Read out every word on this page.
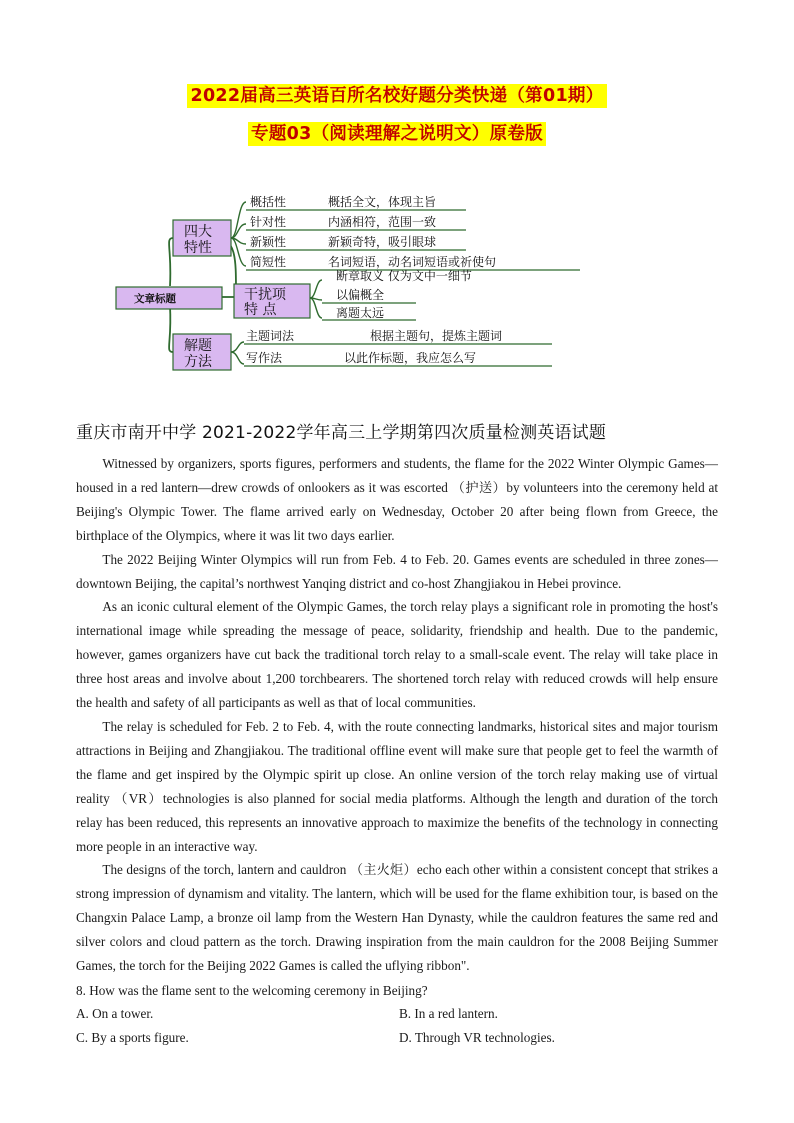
2022届高三英语百所名校好题分类快递（第01期）
专题03（阅读理解之说明文）原卷版
文章标题
四大
特性
概括性	概括全文，体现主旨
针对性	内涵相符，范围一致
新颖性	新颖奇特，吸引眼球
简短性	名词短语，动名词短语或祈使句
干扰项
特 点
断章取义 仅为文中一细节
以偏概全
离题太远
解题
方法
主题词法	根据主题句，提炼主题词
写作法	以此作标题，我应怎么写
重庆市南开中学 2021-2022学年高三上学期第四次质量检测英语试题

Witnessed by organizers, sports figures, performers and students, the flame for the 2022 Winter Olympic Games—housed in a red lantern—drew crowds of onlookers as it was escorted （护送）by volunteers into the ceremony held at Beijing's Olympic Tower. The flame arrived early on Wednesday, October 20 after being flown from Greece, the birthplace of the Olympics, where it was lit two days earlier.

The 2022 Beijing Winter Olympics will run from Feb. 4 to Feb. 20. Games events are scheduled in three zones—downtown Beijing, the capital’s northwest Yanqing district and co-host Zhangjiakou in Hebei province.

As an iconic cultural element of the Olympic Games, the torch relay plays a significant role in promoting the host's international image while spreading the message of peace, solidarity, friendship and health. Due to the pandemic, however, games organizers have cut back the traditional torch relay to a small-scale event. The relay will take place in three host areas and involve about 1,200 torchbearers. The shortened torch relay with reduced crowds will help ensure the health and safety of all participants as well as that of local communities.

The relay is scheduled for Feb. 2 to Feb. 4, with the route connecting landmarks, historical sites and major tourism attractions in Beijing and Zhangjiakou. The traditional offline event will make sure that people get to feel the warmth of the flame and get inspired by the Olympic spirit up close. An online version of the torch relay making use of virtual reality （VR）technologies is also planned for social media platforms. Although the length and duration of the torch relay has been reduced, this represents an innovative approach to maximize the benefits of the technology in connecting more people in an interactive way.

The designs of the torch, lantern and cauldron （主火炬）echo each other within a consistent concept that strikes a strong impression of dynamism and vitality. The lantern, which will be used for the flame exhibition tour, is based on the Changxin Palace Lamp, a bronze oil lamp from the Western Han Dynasty, while the cauldron features the same red and silver colors and cloud pattern as the torch. Drawing inspiration from the main cauldron for the 2008 Beijing Summer Games, the torch for the Beijing 2022 Games is called the uflying ribbon".

8. How was the flame sent to the welcoming ceremony in Beijing?
A. On a tower.	B. In a red lantern.
C. By a sports figure.	D. Through VR technologies.
